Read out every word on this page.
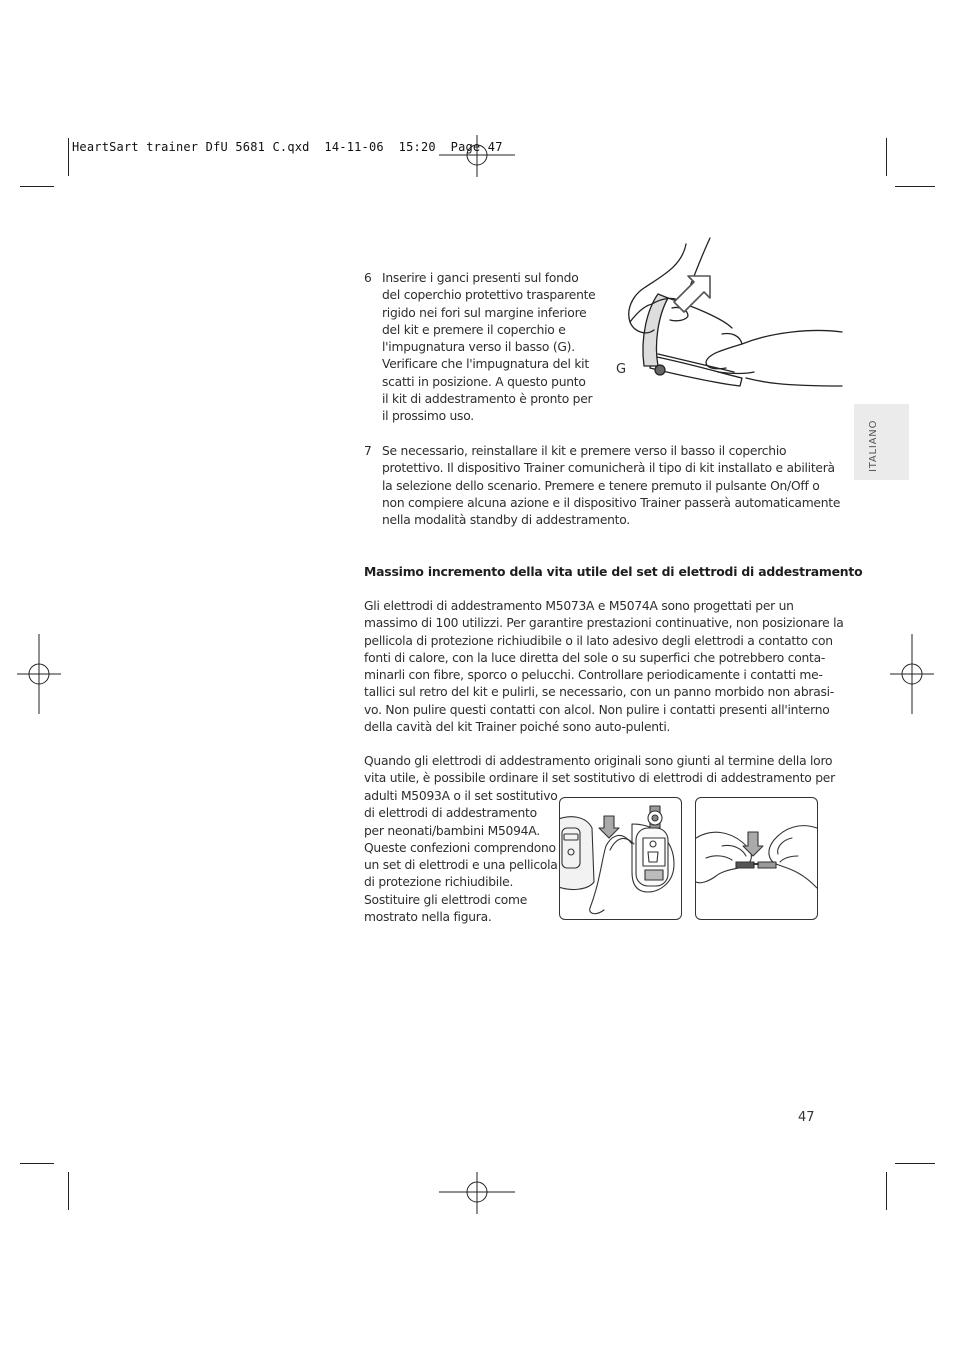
HeartSart trainer DfU 5681 C.qxd  14-11-06  15:20  Page 47
ITALIANO
6 Inserire i ganci presenti sul fondo
del coperchio protettivo trasparente
rigido nei fori sul margine inferiore
del kit e premere il coperchio e
l'impugnatura verso il basso (G).
Verificare che l'impugnatura del kit
scatti in posizione. A questo punto
il kit di addestramento è pronto per
il prossimo uso.
G
7 Se necessario, reinstallare il kit e premere verso il basso il coperchio
protettivo. Il dispositivo Trainer comunicherà il tipo di kit installato e abiliterà
la selezione dello scenario. Premere e tenere premuto il pulsante On/Off o
non compiere alcuna azione e il dispositivo Trainer passerà automaticamente
nella modalità standby di addestramento.
Massimo incremento della vita utile del set di elettrodi di addestramento
Gli elettrodi di addestramento M5073A e M5074A sono progettati per un
massimo di 100 utilizzi. Per garantire prestazioni continuative, non posizionare la
pellicola di protezione richiudibile o il lato adesivo degli elettrodi a contatto con
fonti di calore, con la luce diretta del sole o su superfici che potrebbero conta-
minarli con fibre, sporco o pelucchi. Controllare periodicamente i contatti me-
tallici sul retro del kit e pulirli, se necessario, con un panno morbido non abrasi-
vo. Non pulire questi contatti con alcol. Non pulire i contatti presenti all'interno
della cavità del kit Trainer poiché sono auto-pulenti.
Quando gli elettrodi di addestramento originali sono giunti al termine della loro
vita utile, è possibile ordinare il set sostitutivo di elettrodi di addestramento per
adulti M5093A o il set sostitutivo
di elettrodi di addestramento
per neonati/bambini M5094A.
Queste confezioni comprendono
un set di elettrodi e una pellicola
di protezione richiudibile.
Sostituire gli elettrodi come
mostrato nella figura.
47
